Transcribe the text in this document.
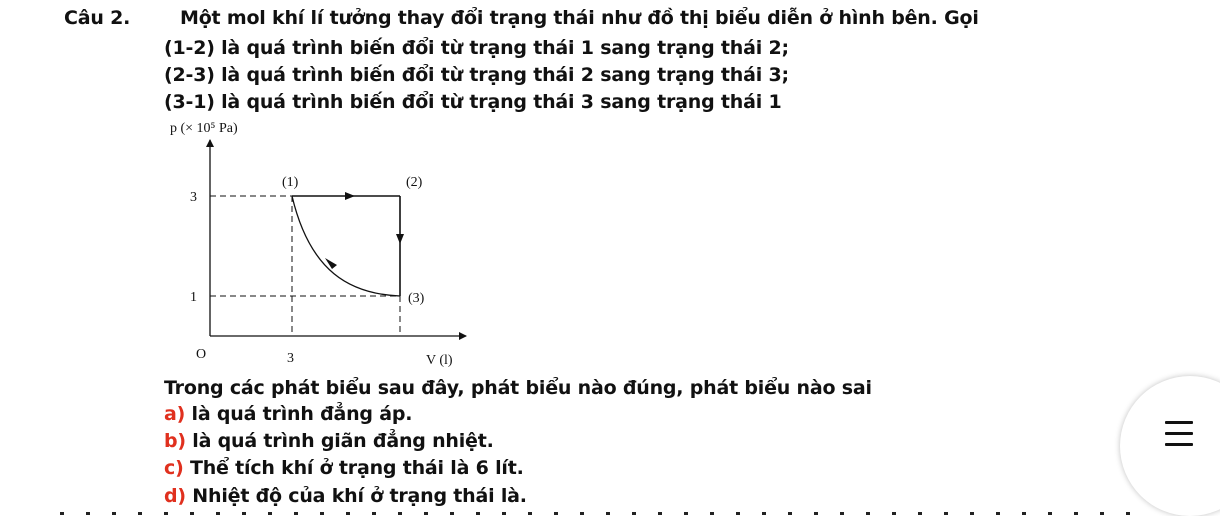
Câu 2.	Một mol khí lí tưởng thay đổi trạng thái như đồ thị biểu diễn ở hình bên. Gọi
(1-2) là quá trình biến đổi từ trạng thái 1 sang trạng thái 2;
(2-3) là quá trình biến đổi từ trạng thái 2 sang trạng thái 3;
(3-1) là quá trình biến đổi từ trạng thái 3 sang trạng thái 1
p (× 10⁵ Pa)
V (l)
O
3
1
3
(1)	(2)
(3)
Trong các phát biểu sau đây, phát biểu nào đúng, phát biểu nào sai
a) là quá trình đẳng áp.
b) là quá trình giãn đẳng nhiệt.
c) Thể tích khí ở trạng thái là 6 lít.
d) Nhiệt độ của khí ở trạng thái là.
